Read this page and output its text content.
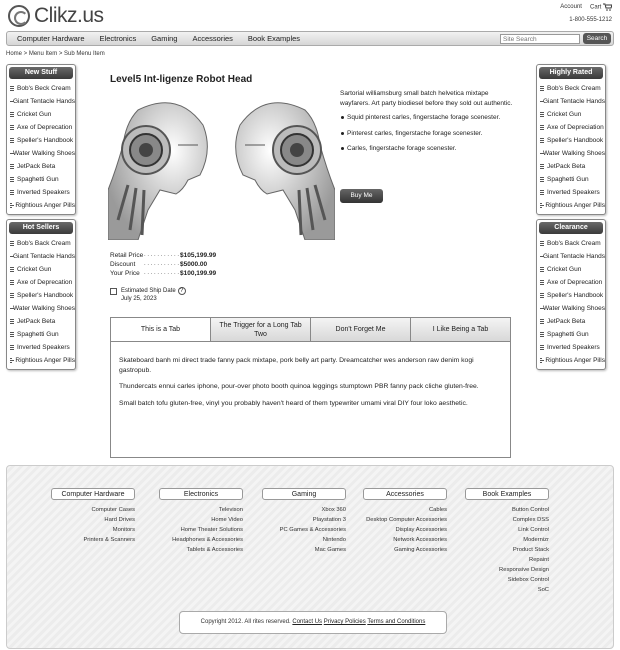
Clikz.us	Account Cart
1-800-555-1212
Computer Hardware Electronics Gaming Accessories Book Examples
Site Search	Search
Home > Menu Item > Sub Menu Item
New Stuff
Bob's Beck Cream
Giant Tentacle Hands
Cricket Gun
Axe of Deprecation
Speller's Handbook
Water Walking Shoes
JetPack Beta
Spaghetti Gun
Inverted Speakers
Rightious Anger Pills
Hot Sellers
Bob's Back Cream
Giant Tentacle Hands
Cricket Gun
Axe of Deprecation
Speller's Handbook
Water Walking Shoes
JetPack Beta
Spaghetti Gun
Inverted Speakers
Rightious Anger Pills
Highly Rated
Bob's Beck Cream
Giant Tentacle Hands
Cricket Gun
Axe of Depreciation
Speller's Handbook
Water Walking Shoes
JetPack Beta
Spaghetti Gun
Inverted Speakers
Rightious Anger Pills
Clearance
Bob's Back Cream
Giant Tentacle Hands
Cricket Gun
Axe of Deprecation
Speller's Handbook
Water Walking Shoes
JetPack Beta
Spaghetti Gun
Inverted Speakers
Rightious Anger Pills
Level5 Int-ligenze Robot Head

Sartorial williamsburg small batch helvetica mixtape wayfarers. Art party biodiesel before they sold out authentic.

Squid pinterest carles, fingerstache forage scenester.
Pinterest carles, fingerstache forage scenester.
Carles, fingerstache forage scenester.
Buy Me
Retail Price . . .	$105,199.99
Discount . . .	$5000.00
Your Price . . .	$100,199.99
Estimated Ship Date ?
July 25, 2023
This is a Tab
The Trigger for a Long Tab Two
Don't Forget Me	I Like Being a Tab

Skateboard banh mi direct trade fanny pack mixtape, pork belly art party. Dreamcatcher wes anderson raw denim kogi gastropub.

Thundercats ennui carles iphone, pour-over photo booth quinoa leggings stumptown PBR fanny pack cliche gluten-free.

Small batch tofu gluten-free, vinyl you probably haven't heard of them typewriter umami viral DIY four loko aesthetic.

Computer Hardware
Computer Cases
Hard Drives
Monitors
Printers & Scanners
Electronics
Televison
Home Video
Home Theater Solutions
Headphones & Accessories
Tablets & Accessories
Gaming
Xbox 360
Playstation 3
PC Games & Accessories
Nintendo
Mac Games
Accessories
Cables
Desktop Computer Accessories
Display Accessories
Network Accessories
Gaming Accessories
Book Examples
Button Control
Complex DSS
Link Control
Modernizr
Product Stack
Repaint
Responsive Design
Sidebox Control
SoC
Copyright 2012. All rites reserved. Contact Us Privacy Policies Terms and Conditions
